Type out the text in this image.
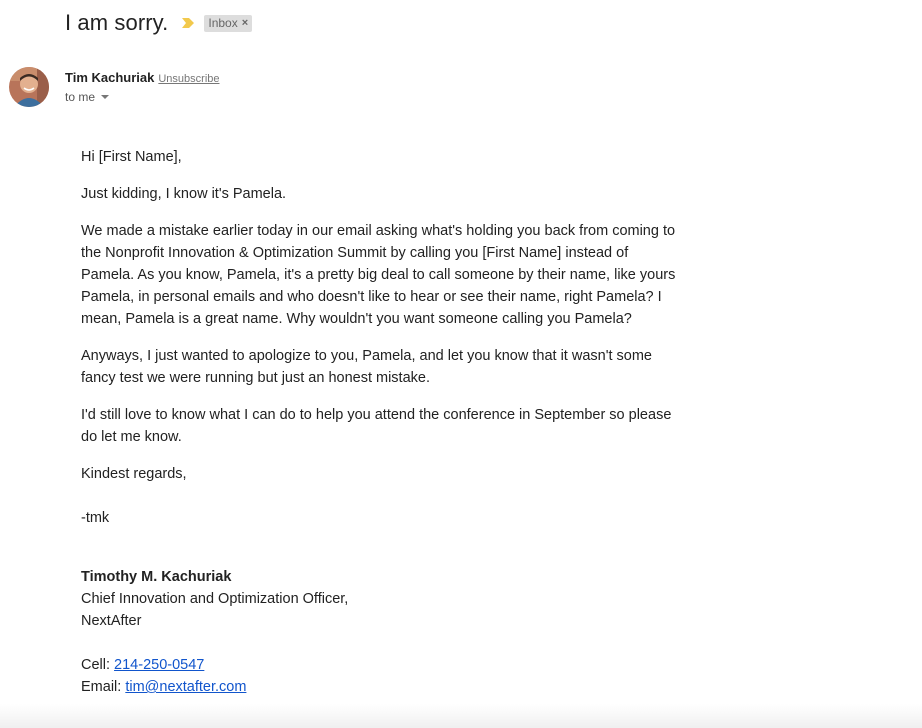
I am sorry.	Inbox ×
Tim Kachuriak Unsubscribe
to me

Hi [First Name],

Just kidding, I know it's Pamela.

We made a mistake earlier today in our email asking what's holding you back from coming to the Nonprofit Innovation & Optimization Summit by calling you [First Name] instead of Pamela. As you know, Pamela, it's a pretty big deal to call someone by their name, like yours Pamela, in personal emails and who doesn't like to hear or see their name, right Pamela? I mean, Pamela is a great name. Why wouldn't you want someone calling you Pamela?

Anyways, I just wanted to apologize to you, Pamela, and let you know that it wasn't some fancy test we were running but just an honest mistake.

I'd still love to know what I can do to help you attend the conference in September so please do let me know.

Kindest regards,

-tmk

Timothy M. Kachuriak
Chief Innovation and Optimization Officer,
NextAfter
Cell: 214-250-0547
Email: tim@nextafter.com
